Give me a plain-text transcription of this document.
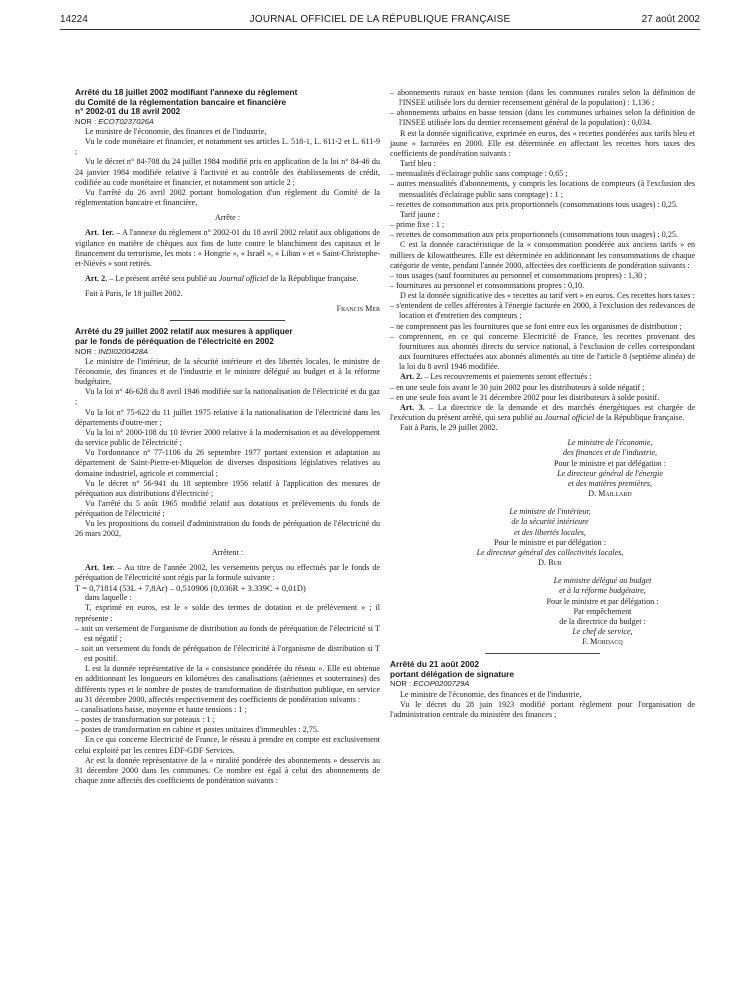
14224	JOURNAL OFFICIEL DE LA RÉPUBLIQUE FRANÇAISE	27 août 2002

Arrêté du 18 juillet 2002 modifiant l'annexe du règlement

du Comité de la réglementation bancaire et financière

n° 2002-01 du 18 avril 2002

NOR : ECOT0237026A

Le ministre de l'économie, des finances et de l'industrie,

Vu le code monétaire et financier, et notamment ses articles L. 518-1, L. 611-2 et L. 611-9 ;

Vu le décret n° 84-708 du 24 juillet 1984 modifié pris en application de la loi n° 84-46 du 24 janvier 1984 modifiée relative à l'activité et au contrôle des établissements de crédit, codifiée au code monétaire et financier, et notamment son article 2 ;

Vu l'arrêté du 26 avril 2002 portant homologation d'un règlement du Comité de la réglementation bancaire et financière,

Arrête :

Art. 1er. – A l'annexe du règlement n° 2002-01 du 18 avril 2002 relatif aux obligations de vigilance en matière de chèques aux fins de lutte contre le blanchiment des capitaux et le financement du terrorisme, les mots : « Hongrie », « Israël », « Liban » et « Saint-Christophe-et-Niévès » sont retirés.

Art. 2. – Le présent arrêté sera publié au Journal officiel de la République française.

Fait à Paris, le 18 juillet 2002.

Francis Mer

Arrêté du 29 juillet 2002 relatif aux mesures à appliquer

par le fonds de péréquation de l'électricité en 2002

NOR : INDI0200428A

Le ministre de l'intérieur, de la sécurité intérieure et des libertés locales, le ministre de l'économie, des finances et de l'industrie et le ministre délégué au budget et à la réforme budgétaire,

Vu la loi n° 46-628 du 8 avril 1946 modifiée sur la nationalisation de l'électricité et du gaz ;

Vu la loi n° 75-622 du 11 juillet 1975 relative à la nationalisation de l'électricité dans les départements d'outre-mer ;

Vu la loi n° 2000-108 du 10 février 2000 relative à la modernisation et au développement du service public de l'électricité ;

Vu l'ordonnance n° 77-1106 du 26 septembre 1977 portant extension et adaptation au département de Saint-Pierre-et-Miquelon de diverses dispositions législatives relatives au domaine industriel, agricole et commercial ;

Vu le décret n° 56-941 du 18 septembre 1956 relatif à l'application des mesures de péréquation aux distributions d'électricité ;

Vu l'arrêté du 5 août 1965 modifié relatif aux dotations et prélèvements du fonds de péréquation de l'électricité ;

Vu les propositions du conseil d'administration du fonds de péréquation de l'électricité du 26 mars 2002,

Arrêtent :

Art. 1er. – Au titre de l'année 2002, les versements perçus ou effectués par le fonds de péréquation de l'électricité sont régis par la formule suivante :

T = 0,71814 (53L + 7,8Ar) – 0,510906 (0,036R + 3.339C + 0,01D)

dans laquelle :

T, exprimé en euros, est le « solde des termes de dotation et de prélèvement » ; il représente :

– soit un versement de l'organisme de distribution au fonds de péréquation de l'électricité si T est négatif ;

– soit un versement du fonds de péréquation de l'électricité à l'organisme de distribution si T est positif.

L est la donnée représentative de la « consistance pondérée du réseau ». Elle est obtenue en additionnant les longueurs en kilomètres des canalisations (aériennes et souterraines) des différents types et le nombre de postes de transformation de distribution publique, en service au 31 décembre 2000, affectés respectivement des coefficients de pondération suivants :

– canalisations basse, moyenne et haute tensions : 1 ;

– postes de transformation sur poteaux : 1 ;

– postes de transformation en cabine et postes unitaires d'immeubles : 2,75.

En ce qui concerne Electricité de France, le réseau à prendre en compte est exclusivement celui exploité par les centres EDF-GDF Services.

Ar est la donnée représentative de la « ruralité pondérée des abonnements » desservis au 31 décembre 2000 dans les communes. Ce nombre est égal à celui des abonnements de chaque zone affectés des coefficients de pondération suivants :

– abonnements ruraux en basse tension (dans les communes rurales selon la définition de l'INSEE utilisée lors du dernier recensement général de la population) : 1,136 ;

– abonnements urbains en basse tension (dans les communes urbaines selon la définition de l'INSEE utilisée lors du dernier recensement général de la population) : 0,034.

R est la donnée significative, exprimée en euros, des « recettes pondérées aux tarifs bleu et jaune » facturées en 2000. Elle est déterminée en affectant les recettes hors taxes des coefficients de pondération suivants :

Tarif bleu :

– mensualités d'éclairage public sans comptage : 0,65 ;

– autres mensualités d'abonnements, y compris les locations de compteurs (à l'exclusion des mensualités d'éclairage public sans comptage) : 1 ;

– recettes de consommation aux prix proportionnels (consommations tous usages) : 0,25.

Tarif jaune :

– prime fixe : 1 ;

– recettes de consommation aux prix proportionnels (consommations tous usages) : 0,25.

C est la donnée caractéristique de la « consommation pondérée aux anciens tarifs » en milliers de kilowattheures. Elle est déterminée en additionnant les consommations de chaque catégorie de vente, pendant l'année 2000, affectées des coefficients de pondération suivants :

– tous usages (sauf fournitures au personnel et consommations propres) : 1,30 ;

– fournitures au personnel et consommations propres : 0,10.

D est la donnée significative des « recettes au tarif vert » en euros. Ces recettes hors taxes :

– s'entendent de celles afférentes à l'énergie facturée en 2000, à l'exclusion des redevances de location et d'entretien des compteurs ;

– ne comprennent pas les fournitures que se font entre eux les organismes de distribution ;

– comprennent, en ce qui concerne Electricité de France, les recettes provenant des fournitures aux abonnés directs du service national, à l'exclusion de celles correspondant aux fournitures effectuées aux abonnés alimentés au titre de l'article 8 (septième alinéa) de la loi du 8 avril 1946 modifiée.

Art. 2. – Les recouvrements et paiements seront effectués :

– en une seule fois avant le 30 juin 2002 pour les distributeurs à solde négatif ;

– en une seule fois avant le 31 décembre 2002 pour les distributeurs à solde positif.

Art. 3. – La directrice de la demande et des marchés énergétiques est chargée de l'exécution du présent arrêté, qui sera publié au Journal officiel de la République française.

Fait à Paris, le 29 juillet 2002.

Le ministre de l'économie,

des finances et de l'industrie,

Pour le ministre et par délégation :

Le directeur général de l'énergie

et des matières premières,

D. Maillard

Le ministre de l'intérieur,

de la sécurité intérieure

et des libertés locales,

Pour le ministre et par délégation :

Le directeur général des collectivités locales,

D. Bur

Le ministre délégué au budget

et à la réforme budgétaire,

Pour le ministre et par délégation :

Par empêchement

de la directrice du budget :

Le chef de service,

F. Mordacq

Arrêté du 21 août 2002

portant délégation de signature

NOR : ECOP0200729A

Le ministre de l'économie, des finances et de l'industrie,

Vu le décret du 28 juin 1923 modifié portant règlement pour l'organisation de l'administration centrale du ministère des finances ;
